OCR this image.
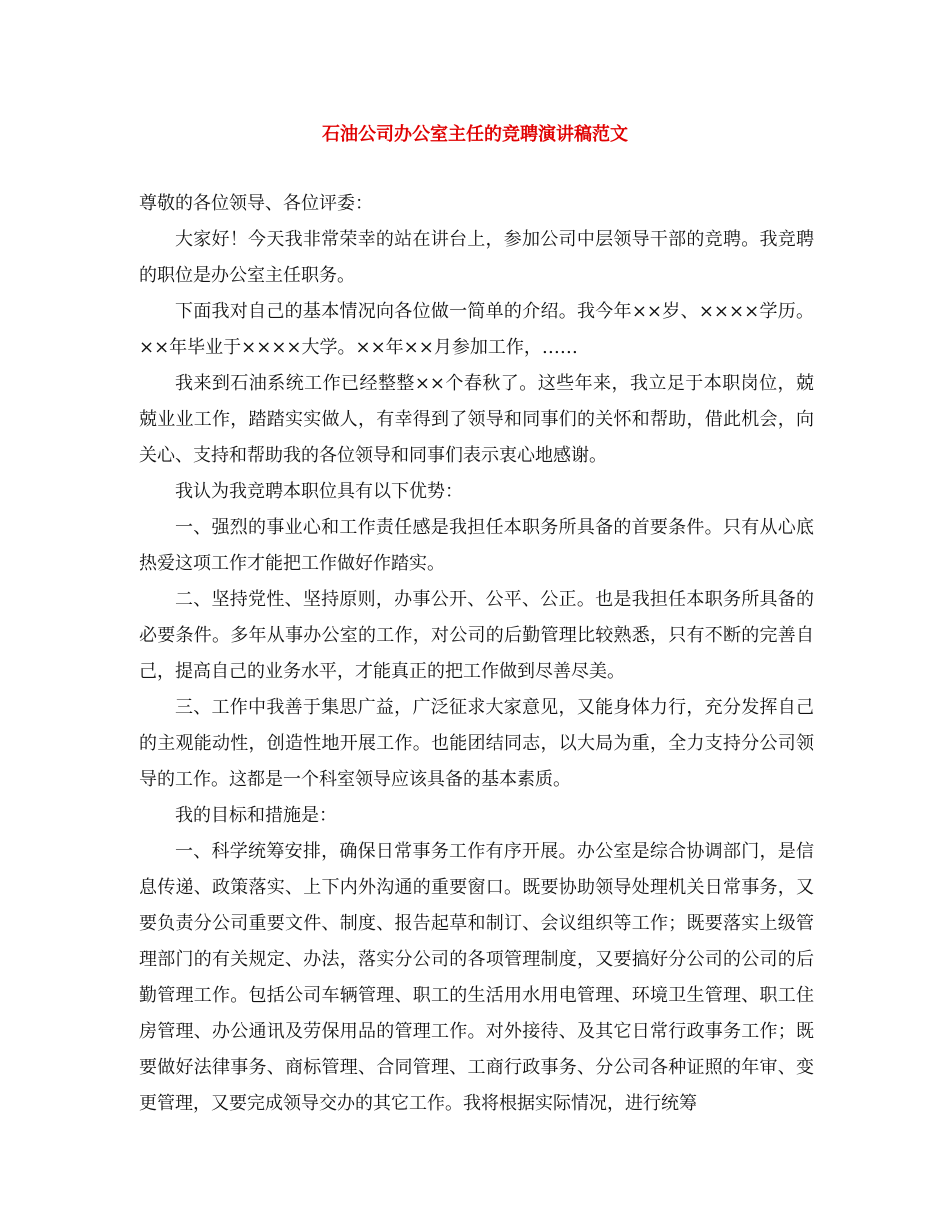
石油公司办公室主任的竞聘演讲稿范文

尊敬的各位领导、各位评委：

大家好！今天我非常荣幸的站在讲台上，参加公司中层领导干部的竞聘。我竞聘的职位是办公室主任职务。

下面我对自己的基本情况向各位做一简单的介绍。我今年××岁、××××学历。××年毕业于××××大学。××年××月参加工作，……

我来到石油系统工作已经整整××个春秋了。这些年来，我立足于本职岗位，兢兢业业工作，踏踏实实做人，有幸得到了领导和同事们的关怀和帮助，借此机会，向关心、支持和帮助我的各位领导和同事们表示衷心地感谢。

我认为我竞聘本职位具有以下优势：

一、强烈的事业心和工作责任感是我担任本职务所具备的首要条件。只有从心底热爱这项工作才能把工作做好作踏实。

二、坚持党性、坚持原则，办事公开、公平、公正。也是我担任本职务所具备的必要条件。多年从事办公室的工作，对公司的后勤管理比较熟悉，只有不断的完善自己，提高自己的业务水平，才能真正的把工作做到尽善尽美。

三、工作中我善于集思广益，广泛征求大家意见，又能身体力行，充分发挥自己的主观能动性，创造性地开展工作。也能团结同志，以大局为重，全力支持分公司领导的工作。这都是一个科室领导应该具备的基本素质。

我的目标和措施是：

一、科学统筹安排，确保日常事务工作有序开展。办公室是综合协调部门，是信息传递、政策落实、上下内外沟通的重要窗口。既要协助领导处理机关日常事务，又要负责分公司重要文件、制度、报告起草和制订、会议组织等工作；既要落实上级管理部门的有关规定、办法，落实分公司的各项管理制度，又要搞好分公司的公司的后勤管理工作。包括公司车辆管理、职工的生活用水用电管理、环境卫生管理、职工住房管理、办公通讯及劳保用品的管理工作。对外接待、及其它日常行政事务工作；既要做好法律事务、商标管理、合同管理、工商行政事务、分公司各种证照的年审、变更管理，又要完成领导交办的其它工作。我将根据实际情况，进行统筹
